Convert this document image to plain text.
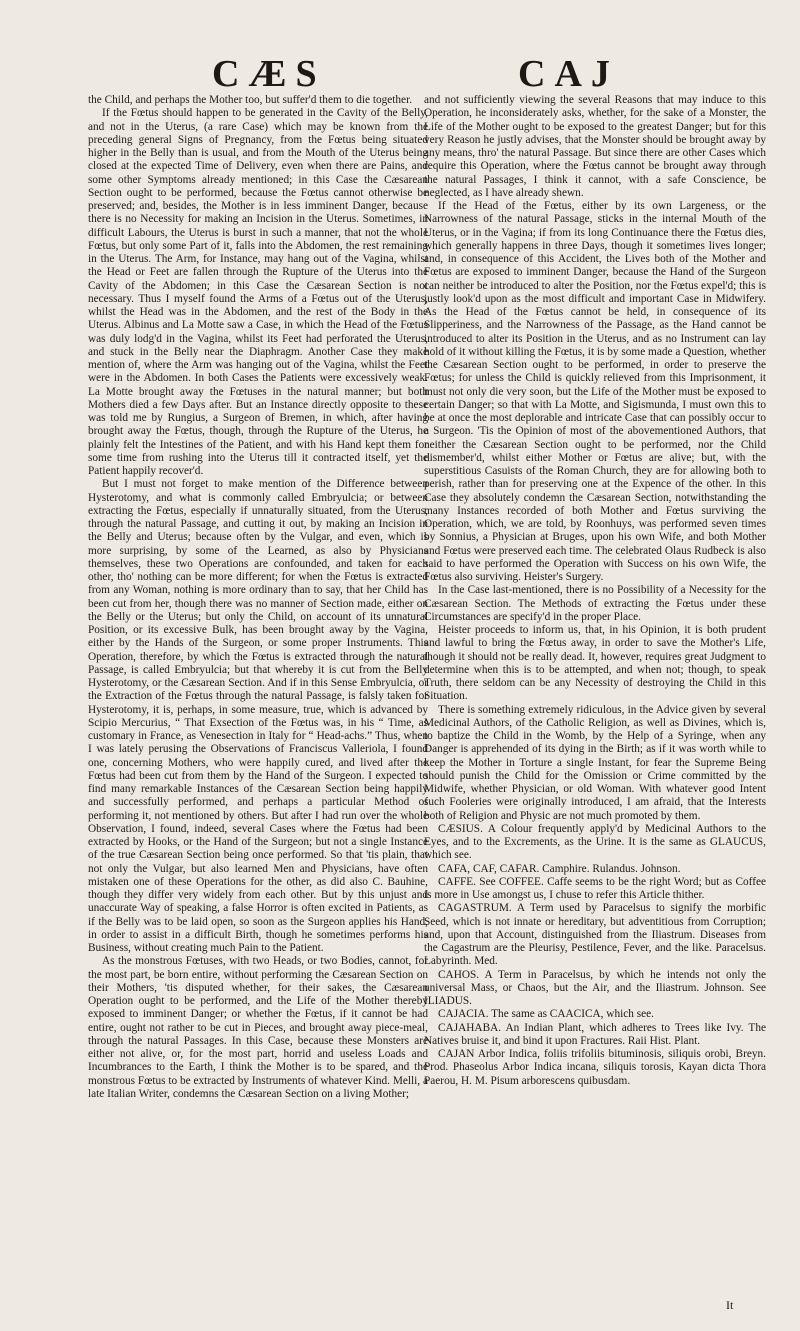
CÆS	CAJ

the Child, and perhaps the Mother too, but suffer'd them to die together.

If the Fœtus should happen to be generated in the Cavity of the Belly, and not in the Uterus, (a rare Case) which may be known from the preceding general Signs of Pregnancy, from the Fœtus being situated higher in the Belly than is usual, and from the Mouth of the Uterus being closed at the expected Time of Delivery, even when there are Pains, and some other Symptoms already mentioned; in this Case the Cæsarean Section ought to be performed, because the Fœtus cannot otherwise be preserved; and, besides, the Mother is in less imminent Danger, because there is no Necessity for making an Incision in the Uterus. Sometimes, in difficult Labours, the Uterus is burst in such a manner, that not the whole Fœtus, but only some Part of it, falls into the Abdomen, the rest remaining in the Uterus. The Arm, for Instance, may hang out of the Vagina, whilst the Head or Feet are fallen through the Rupture of the Uterus into the Cavity of the Abdomen; in this Case the Cæsarean Section is not necessary. Thus I myself found the Arms of a Fœtus out of the Uterus, whilst the Head was in the Abdomen, and the rest of the Body in the Uterus. Albinus and La Motte saw a Case, in which the Head of the Fœtus was duly lodg'd in the Vagina, whilst its Feet had perforated the Uterus, and stuck in the Belly near the Diaphragm. Another Case they make mention of, where the Arm was hanging out of the Vagina, whilst the Feet were in the Abdomen. In both Cases the Patients were excessively weak. La Motte brought away the Fœtuses in the natural manner; but both Mothers died a few Days after. But an Instance directly opposite to these was told me by Rungius, a Surgeon of Bremen, in which, after having brought away the Fœtus, though, through the Rupture of the Uterus, he plainly felt the Intestines of the Patient, and with his Hand kept them for some time from rushing into the Uterus till it contracted itself, yet the Patient happily recover'd.

But I must not forget to make mention of the Difference between Hysterotomy, and what is commonly called Embryulcia; or between extracting the Fœtus, especially if unnaturally situated, from the Uterus, through the natural Passage, and cutting it out, by making an Incision in the Belly and Uterus; because often by the Vulgar, and even, which is more surprising, by some of the Learned, as also by Physicians themselves, these two Operations are confounded, and taken for each other, tho' nothing can be more different; for when the Fœtus is extracted from any Woman, nothing is more ordinary than to say, that her Child has been cut from her, though there was no manner of Section made, either on the Belly or the Uterus; but only the Child, on account of its unnatural Position, or its excessive Bulk, has been brought away by the Vagina, either by the Hands of the Surgeon, or some proper Instruments. This Operation, therefore, by which the Fœtus is extracted through the natural Passage, is called Embryulcia; but that whereby it is cut from the Belly Hysterotomy, or the Cæsarean Section. And if in this Sense Embryulcia, or the Extraction of the Fœtus through the natural Passage, is falsly taken for Hysterotomy, it is, perhaps, in some measure, true, which is advanced by Scipio Mercurius, “ That Exsection of the Fœtus was, in his “ Time, as customary in France, as Venesection in Italy for “ Head-achs.” Thus, when I was lately perusing the Observations of Franciscus Valleriola, I found one, concerning Mothers, who were happily cured, and lived after the Fœtus had been cut from them by the Hand of the Surgeon. I expected to find many remarkable Instances of the Cæsarean Section being happily and successfully performed, and perhaps a particular Method of performing it, not mentioned by others. But after I had run over the whole Observation, I found, indeed, several Cases where the Fœtus had been extracted by Hooks, or the Hand of the Surgeon; but not a single Instance of the true Cæsarean Section being once performed. So that 'tis plain, that not only the Vulgar, but also learned Men and Physicians, have often mistaken one of these Operations for the other, as did also C. Bauhine, though they differ very widely from each other. But by this unjust and unaccurate Way of speaking, a false Horror is often excited in Patients, as if the Belly was to be laid open, so soon as the Surgeon applies his Hand, in order to assist in a difficult Birth, though he sometimes performs his Business, without creating much Pain to the Patient.

As the monstrous Fœtuses, with two Heads, or two Bodies, cannot, for the most part, be born entire, without performing the Cæsarean Section on their Mothers, 'tis disputed whether, for their sakes, the Cæsarean Operation ought to be performed, and the Life of the Mother thereby exposed to imminent Danger; or whether the Fœtus, if it cannot be had entire, ought not rather to be cut in Pieces, and brought away piece-meal, through the natural Passages. In this Case, because these Monsters are either not alive, or, for the most part, horrid and useless Loads and Incumbrances to the Earth, I think the Mother is to be spared, and the monstrous Fœtus to be extracted by Instruments of whatever Kind. Melli, a late Italian Writer, condemns the Cæsarean Section on a living Mother;

and not sufficiently viewing the several Reasons that may induce to this Operation, he inconsiderately asks, whether, for the sake of a Monster, the Life of the Mother ought to be exposed to the greatest Danger; but for this very Reason he justly advises, that the Monster should be brought away by any means, thro' the natural Passage. But since there are other Cases which require this Operation, where the Fœtus cannot be brought away through the natural Passages, I think it cannot, with a safe Conscience, be neglected, as I have already shewn.

If the Head of the Fœtus, either by its own Largeness, or the Narrowness of the natural Passage, sticks in the internal Mouth of the Uterus, or in the Vagina; if from its long Continuance there the Fœtus dies, which generally happens in three Days, though it sometimes lives longer; and, in consequence of this Accident, the Lives both of the Mother and Fœtus are exposed to imminent Danger, because the Hand of the Surgeon can neither be introduced to alter the Position, nor the Fœtus expel'd; this is justly look'd upon as the most difficult and important Case in Midwifery. As the Head of the Fœtus cannot be held, in consequence of its Slipperiness, and the Narrowness of the Passage, as the Hand cannot be introduced to alter its Position in the Uterus, and as no Instrument can lay hold of it without killing the Fœtus, it is by some made a Question, whether the Cæsarean Section ought to be performed, in order to preserve the Fœtus; for unless the Child is quickly relieved from this Imprisonment, it must not only die very soon, but the Life of the Mother must be exposed to certain Danger; so that with La Motte, and Sigismunda, I must own this to be at once the most deplorable and intricate Case that can possibly occur to a Surgeon. 'Tis the Opinion of most of the abovementioned Authors, that neither the Cæsarean Section ought to be performed, nor the Child dismember'd, whilst either Mother or Fœtus are alive; but, with the superstitious Casuists of the Roman Church, they are for allowing both to perish, rather than for preserving one at the Expence of the other. In this Case they absolutely condemn the Cæsarean Section, notwithstanding the many Instances recorded of both Mother and Fœtus surviving the Operation, which, we are told, by Roonhuys, was performed seven times by Sonnius, a Physician at Bruges, upon his own Wife, and both Mother and Fœtus were preserved each time. The celebrated Olaus Rudbeck is also said to have performed the Operation with Success on his own Wife, the Fœtus also surviving. Heister's Surgery.

In the Case last-mentioned, there is no Possibility of a Necessity for the Cæsarean Section. The Methods of extracting the Fœtus under these Circumstances are specify'd in the proper Place.

Heister proceeds to inform us, that, in his Opinion, it is both prudent and lawful to bring the Fœtus away, in order to save the Mother's Life, though it should not be really dead. It, however, requires great Judgment to determine when this is to be attempted, and when not; though, to speak Truth, there seldom can be any Necessity of destroying the Child in this Situation.

There is something extremely ridiculous, in the Advice given by several Medicinal Authors, of the Catholic Religion, as well as Divines, which is, to baptize the Child in the Womb, by the Help of a Syringe, when any Danger is apprehended of its dying in the Birth; as if it was worth while to keep the Mother in Torture a single Instant, for fear the Supreme Being should punish the Child for the Omission or Crime committed by the Midwife, whether Physician, or old Woman. With whatever good Intent such Fooleries were originally introduced, I am afraid, that the Interests both of Religion and Physic are not much promoted by them.

CÆSIUS. A Colour frequently apply'd by Medicinal Authors to the Eyes, and to the Excrements, as the Urine. It is the same as GLAUCUS, which see.

CAFA, CAF, CAFAR. Camphire. Rulandus. Johnson.

CAFFE. See COFFEE. Caffe seems to be the right Word; but as Coffee is more in Use amongst us, I chuse to refer this Article thither.

CAGASTRUM. A Term used by Paracelsus to signify the morbific Seed, which is not innate or hereditary, but adventitious from Corruption; and, upon that Account, distinguished from the Iliastrum. Diseases from the Cagastrum are the Pleurisy, Pestilence, Fever, and the like. Paracelsus. Labyrinth. Med.

CAHOS. A Term in Paracelsus, by which he intends not only the universal Mass, or Chaos, but the Air, and the Iliastrum. Johnson. See ILIADUS.

CAJACIA. The same as CAACICA, which see.

CAJAHABA. An Indian Plant, which adheres to Trees like Ivy. The Natives bruise it, and bind it upon Fractures. Raii Hist. Plant.

CAJAN Arbor Indica, foliis trifoliis bituminosis, siliquis orobi, Breyn. Prod. Phaseolus Arbor Indica incana, siliquis torosis, Kayan dicta Thora Paerou, H. M. Pisum arborescens quibusdam.

It
